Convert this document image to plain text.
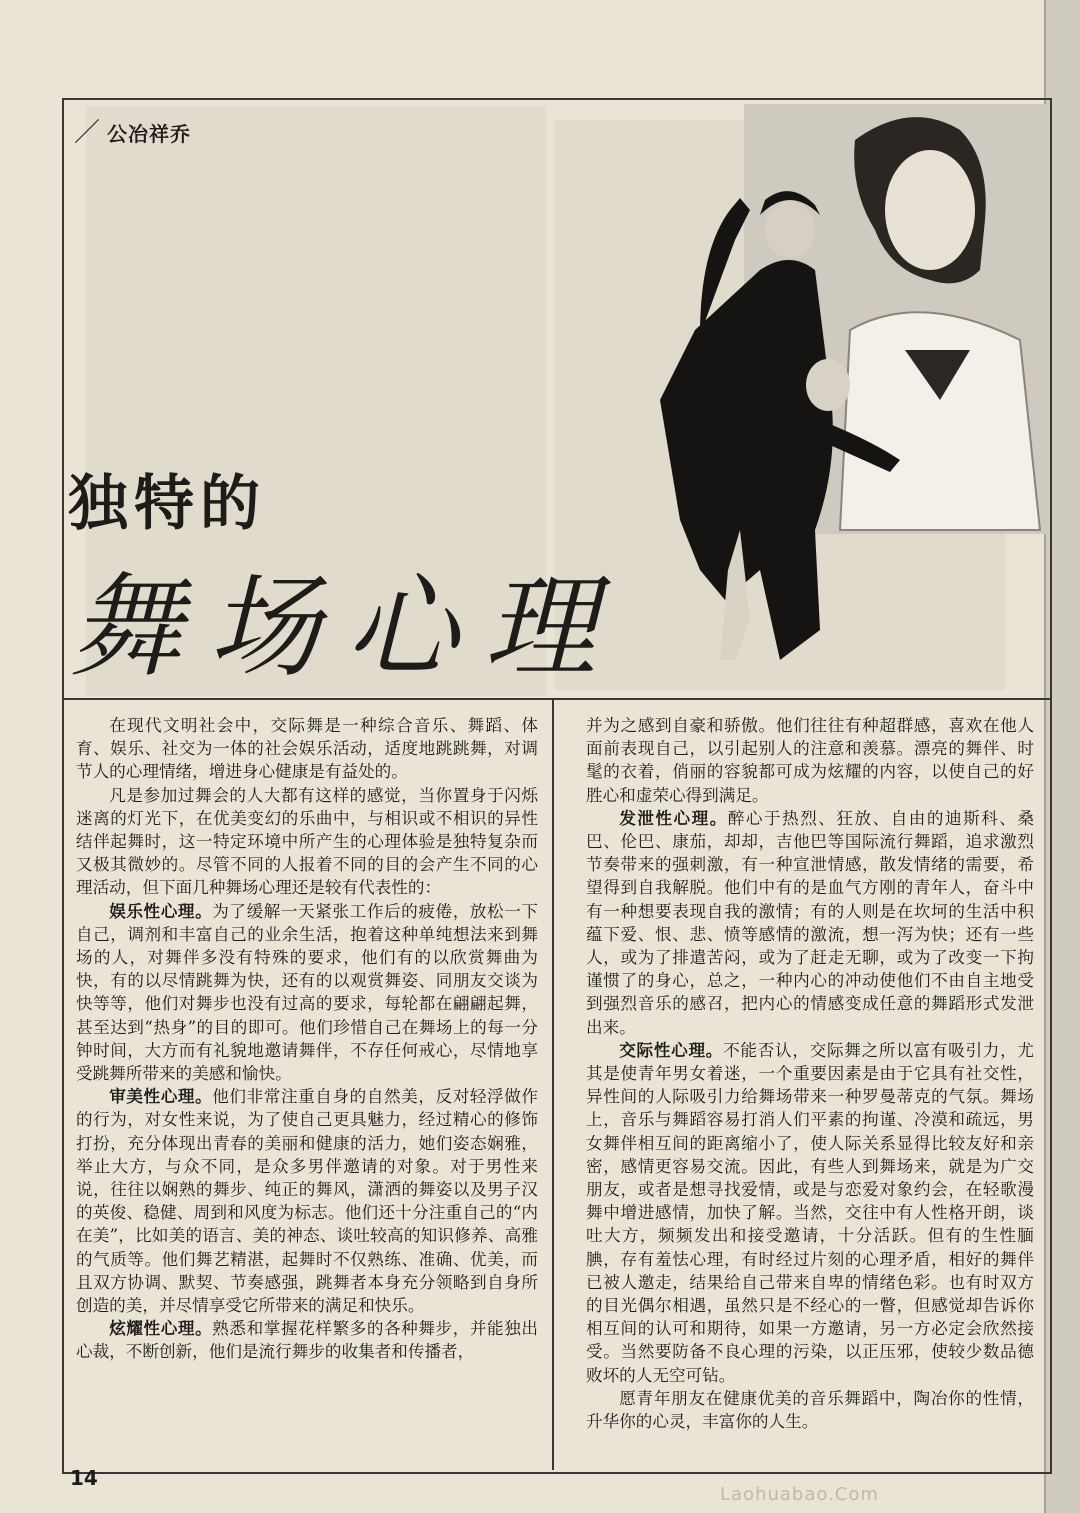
／ 公冶祥乔
独特的
舞场心理

在现代文明社会中，交际舞是一种综合音乐、舞蹈、体育、娱乐、社交为一体的社会娱乐活动，适度地跳跳舞，对调节人的心理情绪，增进身心健康是有益处的。

凡是参加过舞会的人大都有这样的感觉，当你置身于闪烁迷离的灯光下，在优美变幻的乐曲中，与相识或不相识的异性结伴起舞时，这一特定环境中所产生的心理体验是独特复杂而又极其微妙的。尽管不同的人报着不同的目的会产生不同的心理活动，但下面几种舞场心理还是较有代表性的：

娱乐性心理。为了缓解一天紧张工作后的疲倦，放松一下自己，调剂和丰富自己的业余生活，抱着这种单纯想法来到舞场的人，对舞伴多没有特殊的要求，他们有的以欣赏舞曲为快，有的以尽情跳舞为快，还有的以观赏舞姿、同朋友交谈为快等等，他们对舞步也没有过高的要求，每轮都在翩翩起舞，甚至达到“热身”的目的即可。他们珍惜自己在舞场上的每一分钟时间，大方而有礼貌地邀请舞伴，不存任何戒心，尽情地享受跳舞所带来的美感和愉快。

审美性心理。他们非常注重自身的自然美，反对轻浮做作的行为，对女性来说，为了使自己更具魅力，经过精心的修饰打扮，充分体现出青春的美丽和健康的活力，她们姿态娴雅，举止大方，与众不同，是众多男伴邀请的对象。对于男性来说，往往以娴熟的舞步、纯正的舞风，潇洒的舞姿以及男子汉的英俊、稳健、周到和风度为标志。他们还十分注重自己的“内在美”，比如美的语言、美的神态、谈吐较高的知识修养、高雅的气质等。他们舞艺精湛，起舞时不仅熟练、准确、优美，而且双方协调、默契、节奏感强，跳舞者本身充分领略到自身所创造的美，并尽情享受它所带来的满足和快乐。

炫耀性心理。熟悉和掌握花样繁多的各种舞步，并能独出心裁，不断创新，他们是流行舞步的收集者和传播者，

并为之感到自豪和骄傲。他们往往有种超群感，喜欢在他人面前表现自己，以引起别人的注意和羡慕。漂亮的舞伴、时髦的衣着，俏丽的容貌都可成为炫耀的内容，以使自己的好胜心和虚荣心得到满足。

发泄性心理。醉心于热烈、狂放、自由的迪斯科、桑巴、伦巴、康茄，却却，吉他巴等国际流行舞蹈，追求激烈节奏带来的强刺激，有一种宣泄情感，散发情绪的需要，希望得到自我解脱。他们中有的是血气方刚的青年人，奋斗中有一种想要表现自我的激情；有的人则是在坎坷的生活中积蕴下爱、恨、悲、愤等感情的激流，想一泻为快；还有一些人，或为了排遣苦闷，或为了赶走无聊，或为了改变一下拘谨惯了的身心，总之，一种内心的冲动使他们不由自主地受到强烈音乐的感召，把内心的情感变成任意的舞蹈形式发泄出来。

交际性心理。不能否认，交际舞之所以富有吸引力，尤其是使青年男女着迷，一个重要因素是由于它具有社交性，异性间的人际吸引力给舞场带来一种罗曼蒂克的气氛。舞场上，音乐与舞蹈容易打消人们平素的拘谨、冷漠和疏远，男女舞伴相互间的距离缩小了，使人际关系显得比较友好和亲密，感情更容易交流。因此，有些人到舞场来，就是为广交朋友，或者是想寻找爱情，或是与恋爱对象约会，在轻歌漫舞中增进感情，加快了解。当然，交往中有人性格开朗，谈吐大方，频频发出和接受邀请，十分活跃。但有的生性腼腆，存有羞怯心理，有时经过片刻的心理矛盾，相好的舞伴已被人邀走，结果给自己带来自卑的情绪色彩。也有时双方的目光偶尔相遇，虽然只是不经心的一瞥，但感觉却告诉你相互间的认可和期待，如果一方邀请，另一方必定会欣然接受。当然要防备不良心理的污染，以正压邪，使较少数品德败坏的人无空可钻。

愿青年朋友在健康优美的音乐舞蹈中，陶冶你的性情，升华你的心灵，丰富你的人生。

14
Laohuabao.Com
